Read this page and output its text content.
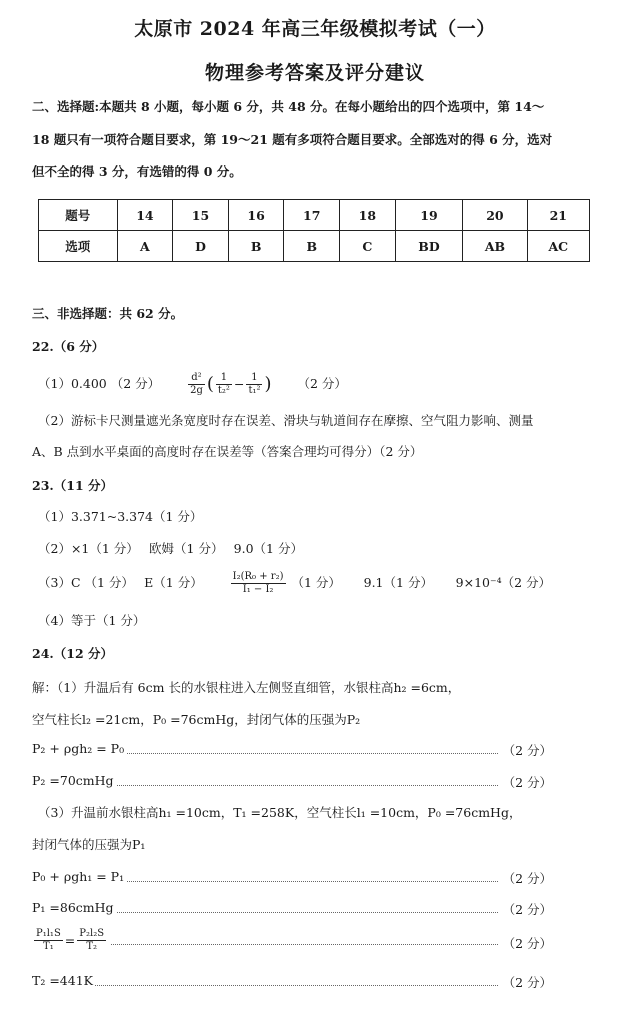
太原市 2024 年高三年级模拟考试（一）
物理参考答案及评分建议
二、选择题:本题共 8 小题，每小题 6 分，共 48 分。在每小题给出的四个选项中，第 14～
18 题只有一项符合题目要求，第 19～21 题有多项符合题目要求。全部选对的得 6 分，选对
但不全的得 3 分，有选错的得 0 分。
题号	14	15	16	17	18	19	20	21
选项	A	D	B	B	C	BD	AB	AC
三、非选择题：共 62 分。
22.（6 分）
（1）0.400 （2 分）	$\frac{\text{d²}}{2g}$ ( $\frac{1}{\text{t₂²}} - \frac{1}{\text{t₁²}}$ ) （2 分）
（2）游标卡尺测量遮光条宽度时存在误差、滑块与轨道间存在摩擦、空气阻力影响、测量
A、B 点到水平桌面的高度时存在误差等（答案合理均可得分）（2 分）
23.（11 分）
（1）3.371~3.374（1 分）
（2）×1（1 分）　 欧姆（1 分）　 9.0（1 分）
（3）C （1 分）　 E（1 分）	$\frac{\text{I₂(R₀ + r₂)}}{\text{I₁ − I₂}} (1$ 分）　　 9.1（1 分）　　 9×10⁻⁴（2 分）
（4）等于（1 分）
24.（12 分）
解：（1）升温后有 6cm 长的水银柱进入左侧竖直细管，水银柱高h₂ =6cm，
空气柱长l₂ =21cm，P₀ =76cmHg，封闭气体的压强为P₂
P₂ + ρgh₂ = P₀	（2 分）
P₂ =70cmHg	（2 分）
（3）升温前水银柱高h₁ =10cm，T₁ =258K，空气柱长l₁ =10cm，P₀ =76cmHg，
封闭气体的压强为P₁
P₀ + ρgh₁ = P₁	（2 分）
P₁ =86cmHg	（2 分）
$\frac{\text{P₁l₁S}}{\text{T₁}} = \frac{\text{P₂l₂S}}{\text{T₂}}$	（2 分）
T₂ =441K	（2 分）
